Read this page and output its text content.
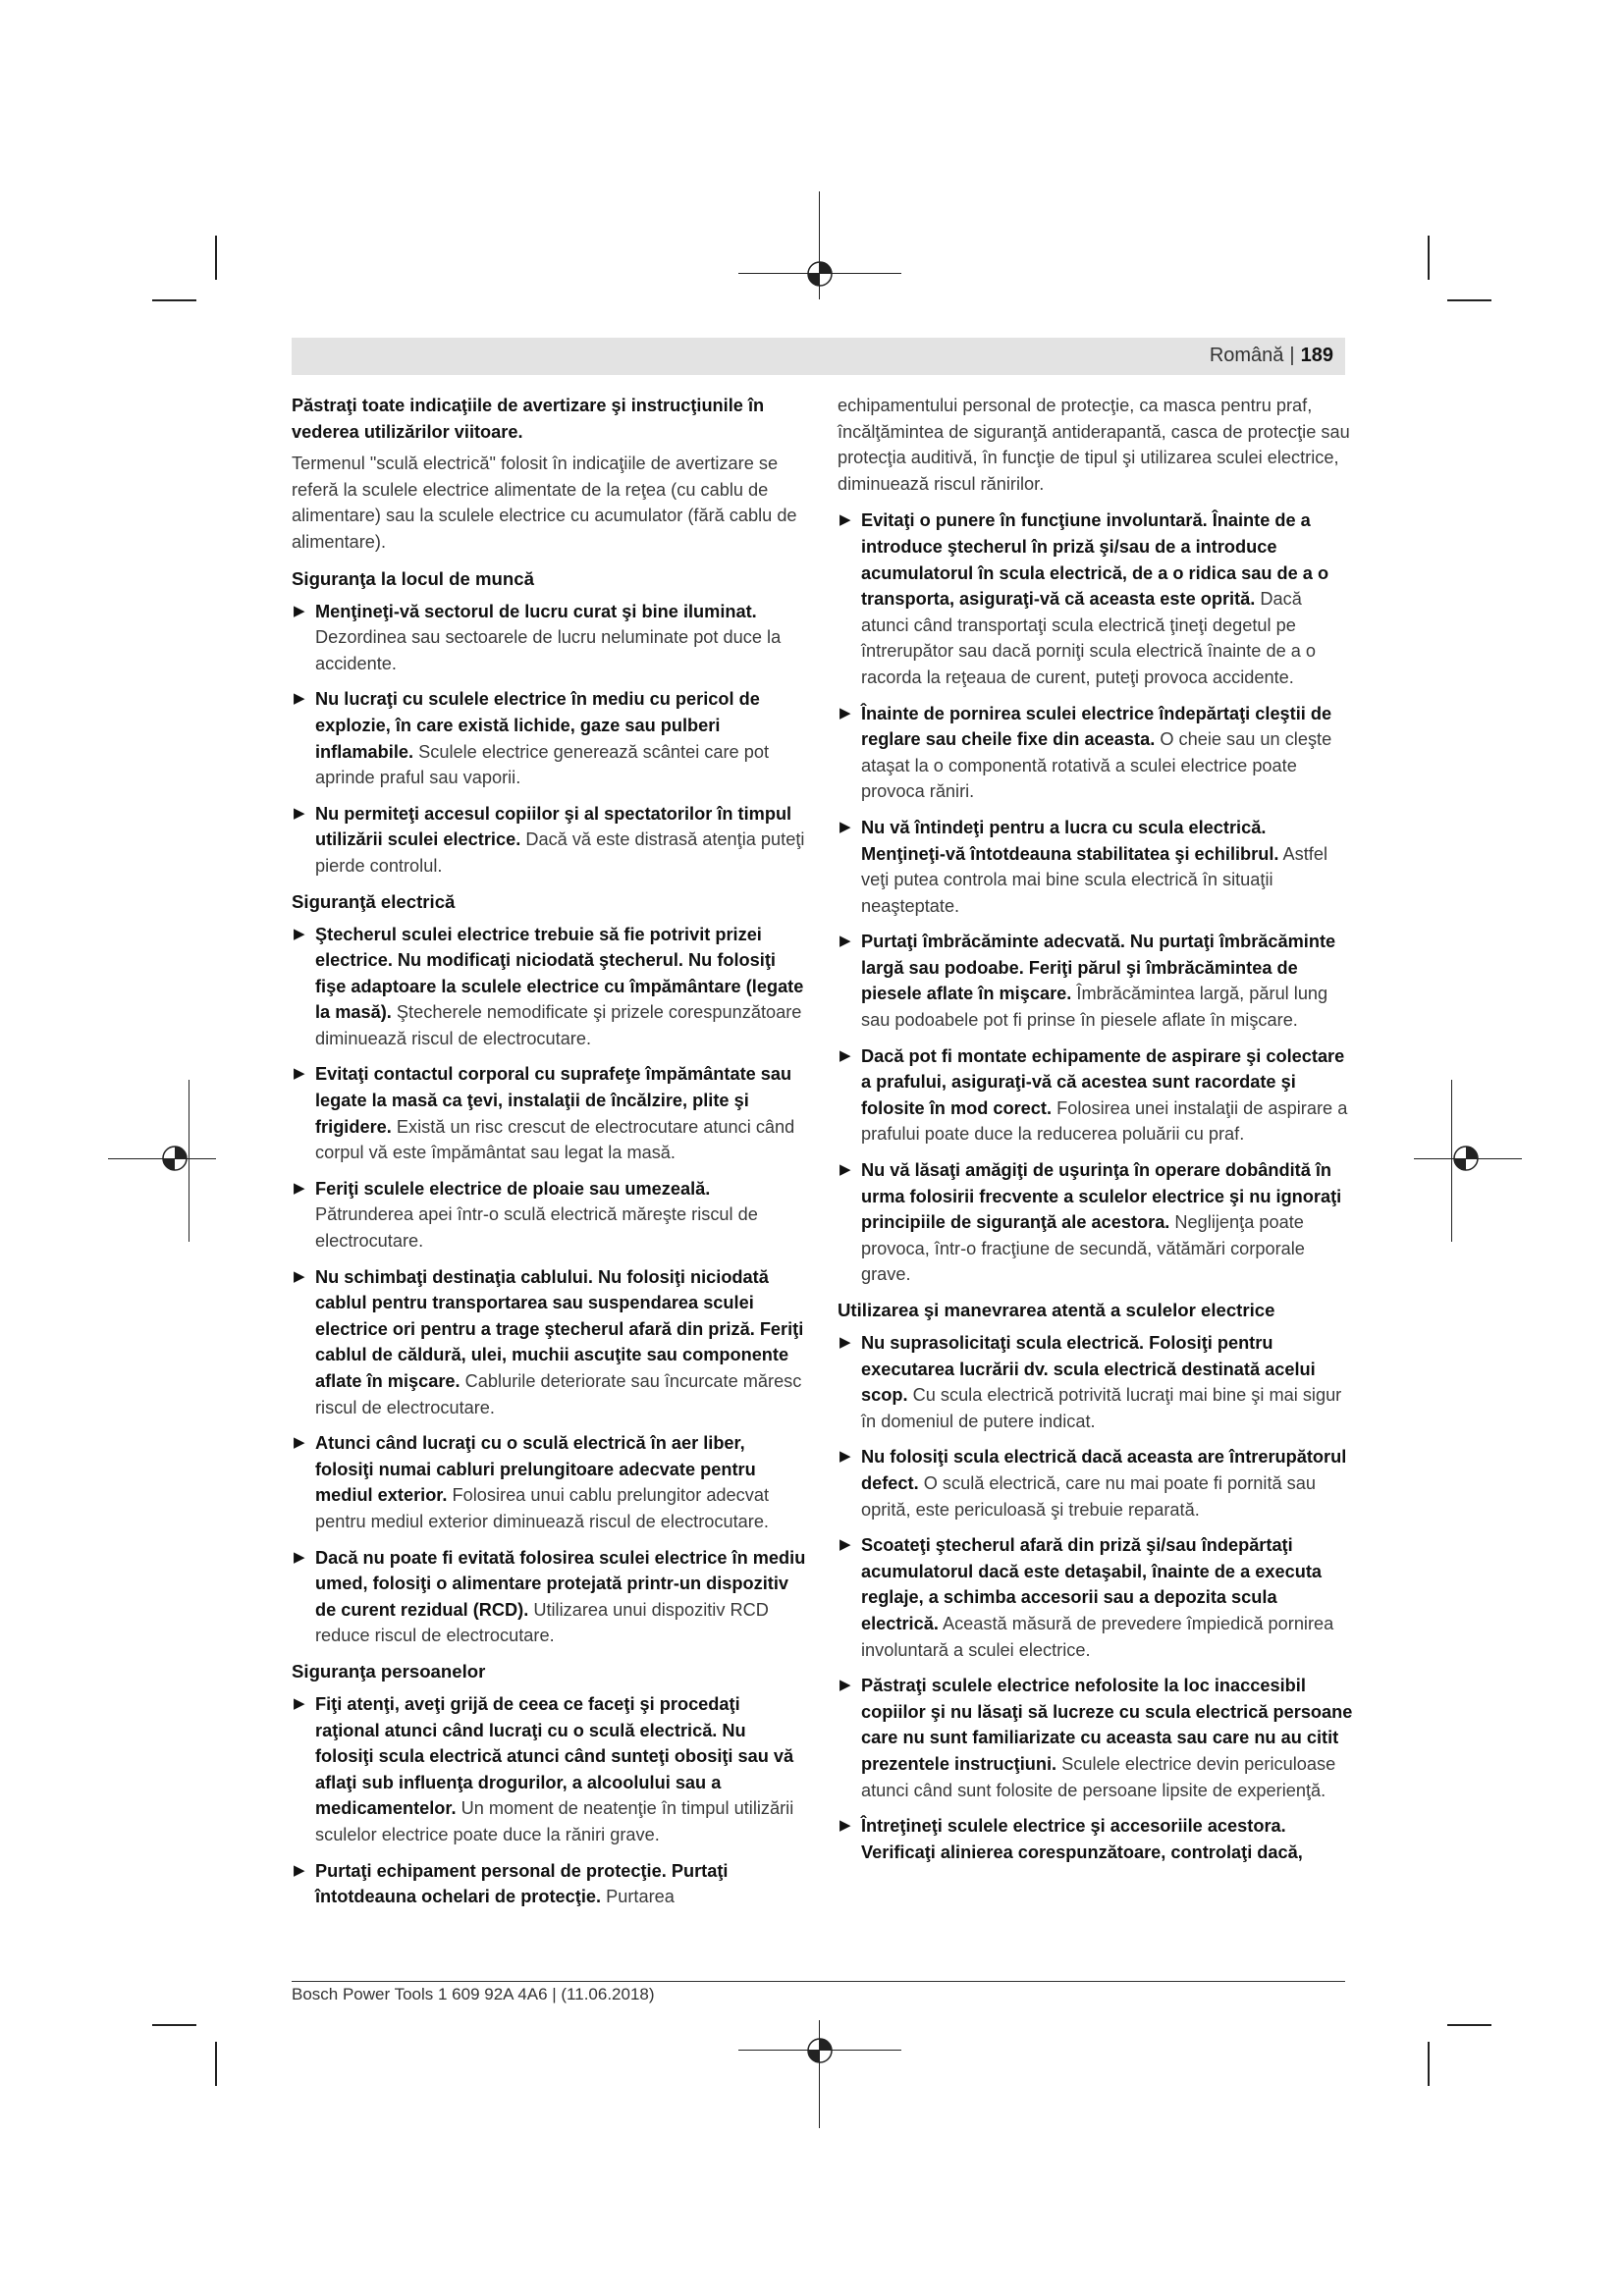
Română | 189

Păstraţi toate indicaţiile de avertizare şi instrucţiunile în vederea utilizărilor viitoare.

Termenul "sculă electrică" folosit în indicaţiile de avertizare se referă la sculele electrice alimentate de la reţea (cu cablu de alimentare) sau la sculele electrice cu acumulator (fără cablu de alimentare).

Siguranţa la locul de muncă
▶ Menţineţi-vă sectorul de lucru curat şi bine iluminat. Dezordinea sau sectoarele de lucru neluminate pot duce la accidente.
▶ Nu lucraţi cu sculele electrice în mediu cu pericol de explozie, în care există lichide, gaze sau pulberi inflamabile. Sculele electrice generează scântei care pot aprinde praful sau vaporii.
▶ Nu permiteţi accesul copiilor şi al spectatorilor în timpul utilizării sculei electrice. Dacă vă este distrasă atenţia puteţi pierde controlul.
Siguranţă electrică
▶ Ştecherul sculei electrice trebuie să fie potrivit prizei electrice. Nu modificaţi niciodată ştecherul. Nu folosiţi fişe adaptoare la sculele electrice cu împământare (legate la masă). Ştecherele nemodificate şi prizele corespunzătoare diminuează riscul de electrocutare.
▶ Evitaţi contactul corporal cu suprafeţe împământate sau legate la masă ca ţevi, instalaţii de încălzire, plite şi frigidere. Există un risc crescut de electrocutare atunci când corpul vă este împământat sau legat la masă.
▶ Feriţi sculele electrice de ploaie sau umezeală. Pătrunderea apei într-o sculă electrică măreşte riscul de electrocutare.
▶ Nu schimbaţi destinaţia cablului. Nu folosiţi niciodată cablul pentru transportarea sau suspendarea sculei electrice ori pentru a trage ştecherul afară din priză. Feriţi cablul de căldură, ulei, muchii ascuţite sau componente aflate în mişcare. Cablurile deteriorate sau încurcate măresc riscul de electrocutare.
▶ Atunci când lucraţi cu o sculă electrică în aer liber, folosiţi numai cabluri prelungitoare adecvate pentru mediul exterior. Folosirea unui cablu prelungitor adecvat pentru mediul exterior diminuează riscul de electrocutare.
▶ Dacă nu poate fi evitată folosirea sculei electrice în mediu umed, folosiţi o alimentare protejată printr-un dispozitiv de curent rezidual (RCD). Utilizarea unui dispozitiv RCD reduce riscul de electrocutare.
Siguranţa persoanelor
▶ Fiţi atenţi, aveţi grijă de ceea ce faceţi şi procedaţi raţional atunci când lucraţi cu o sculă electrică. Nu folosiţi scula electrică atunci când sunteţi obosiţi sau vă aflaţi sub influenţa drogurilor, a alcoolului sau a medicamentelor. Un moment de neatenţie în timpul utilizării sculelor electrice poate duce la răniri grave.
▶ Purtaţi echipament personal de protecţie. Purtaţi întotdeauna ochelari de protecţie. Purtarea

echipamentului personal de protecţie, ca masca pentru praf, încălţămintea de siguranţă antiderapantă, casca de protecţie sau protecţia auditivă, în funcţie de tipul şi utilizarea sculei electrice, diminuează riscul rănirilor.

▶ Evitaţi o punere în funcţiune involuntară. Înainte de a introduce ştecherul în priză şi/sau de a introduce acumulatorul în scula electrică, de a o ridica sau de a o transporta, asiguraţi-vă că aceasta este oprită. Dacă atunci când transportaţi scula electrică ţineţi degetul pe întrerupător sau dacă porniţi scula electrică înainte de a o racorda la reţeaua de curent, puteţi provoca accidente.
▶ Înainte de pornirea sculei electrice îndepărtaţi cleştii de reglare sau cheile fixe din aceasta. O cheie sau un cleşte ataşat la o componentă rotativă a sculei electrice poate provoca răniri.
▶ Nu vă întindeţi pentru a lucra cu scula electrică. Menţineţi-vă întotdeauna stabilitatea şi echilibrul. Astfel veţi putea controla mai bine scula electrică în situaţii neaşteptate.
▶ Purtaţi îmbrăcăminte adecvată. Nu purtaţi îmbrăcăminte largă sau podoabe. Feriţi părul şi îmbrăcămintea de piesele aflate în mişcare. Îmbrăcămintea largă, părul lung sau podoabele pot fi prinse în piesele aflate în mişcare.
▶ Dacă pot fi montate echipamente de aspirare şi colectare a prafului, asiguraţi-vă că acestea sunt racordate şi folosite în mod corect. Folosirea unei instalaţii de aspirare a prafului poate duce la reducerea poluării cu praf.
▶ Nu vă lăsaţi amăgiţi de uşurinţa în operare dobândită în urma folosirii frecvente a sculelor electrice şi nu ignoraţi principiile de siguranţă ale acestora. Neglijenţa poate provoca, într-o fracţiune de secundă, vătămări corporale grave.
Utilizarea şi manevrarea atentă a sculelor electrice
▶ Nu suprasolicitaţi scula electrică. Folosiţi pentru executarea lucrării dv. scula electrică destinată acelui scop. Cu scula electrică potrivită lucraţi mai bine şi mai sigur în domeniul de putere indicat.
▶ Nu folosiţi scula electrică dacă aceasta are întrerupătorul defect. O sculă electrică, care nu mai poate fi pornită sau oprită, este periculoasă şi trebuie reparată.
▶ Scoateţi ştecherul afară din priză şi/sau îndepărtaţi acumulatorul dacă este detaşabil, înainte de a executa reglaje, a schimba accesorii sau a depozita scula electrică. Această măsură de prevedere împiedică pornirea involuntară a sculei electrice.
▶ Păstraţi sculele electrice nefolosite la loc inaccesibil copiilor şi nu lăsaţi să lucreze cu scula electrică persoane care nu sunt familiarizate cu aceasta sau care nu au citit prezentele instrucţiuni. Sculele electrice devin periculoase atunci când sunt folosite de persoane lipsite de experienţă.
▶ Întreţineţi sculele electrice şi accesoriile acestora. Verificaţi alinierea corespunzătoare, controlaţi dacă,
Bosch Power Tools 1 609 92A 4A6 | (11.06.2018)
